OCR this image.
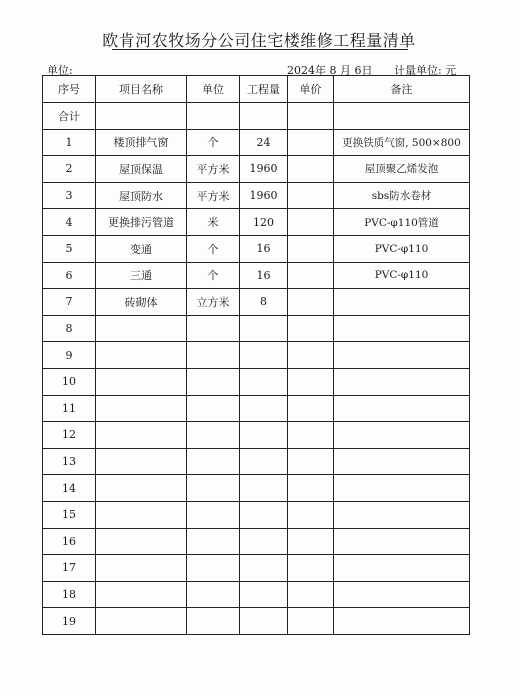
欧肯河农牧场分公司住宅楼维修工程量清单
单位:	2024年 8 月 6日 计量单位: 元
序号	项目名称	单位	工程量	单价	备注
合计					
1	楼顶排气窗	个	24		更换铁质气窗, 500×800
2	屋顶保温	平方米	1960		屋顶聚乙烯发泡
3	屋顶防水	平方米	1960		sbs防水卷材
4	更换排污管道	米	120		PVC-φ110管道
5	变通	个	16		PVC-φ110
6	三通	个	16		PVC-φ110
7	砖砌体	立方米	8		
8					
9					
10					
11					
12					
13					
14					
15					
16					
17					
18					
19					
